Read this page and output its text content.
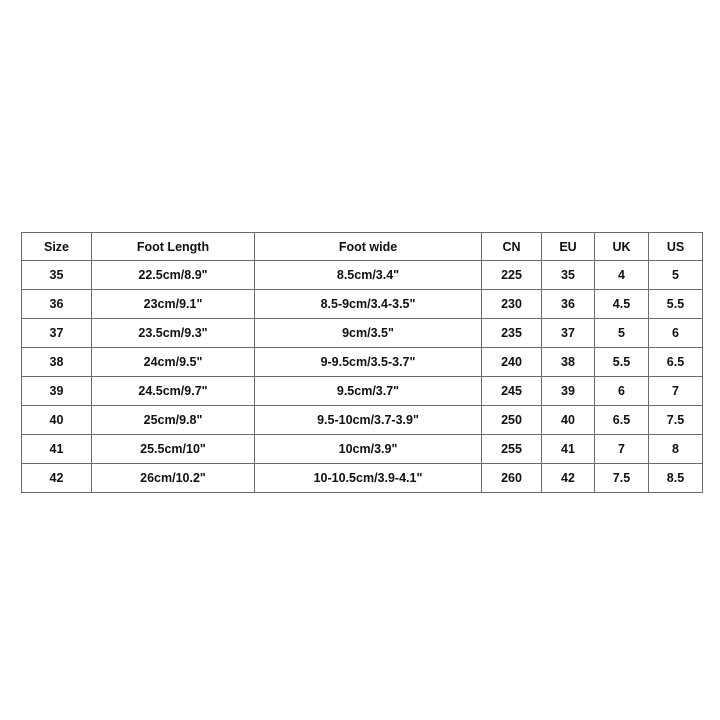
Size	Foot Length	Foot wide	CN	EU	UK	US
35	22.5cm/8.9"	8.5cm/3.4"	225	35	4	5
36	23cm/9.1"	8.5-9cm/3.4-3.5"	230	36	4.5	5.5
37	23.5cm/9.3"	9cm/3.5"	235	37	5	6
38	24cm/9.5"	9-9.5cm/3.5-3.7"	240	38	5.5	6.5
39	24.5cm/9.7"	9.5cm/3.7"	245	39	6	7
40	25cm/9.8"	9.5-10cm/3.7-3.9"	250	40	6.5	7.5
41	25.5cm/10"	10cm/3.9"	255	41	7	8
42	26cm/10.2"	10-10.5cm/3.9-4.1"	260	42	7.5	8.5
